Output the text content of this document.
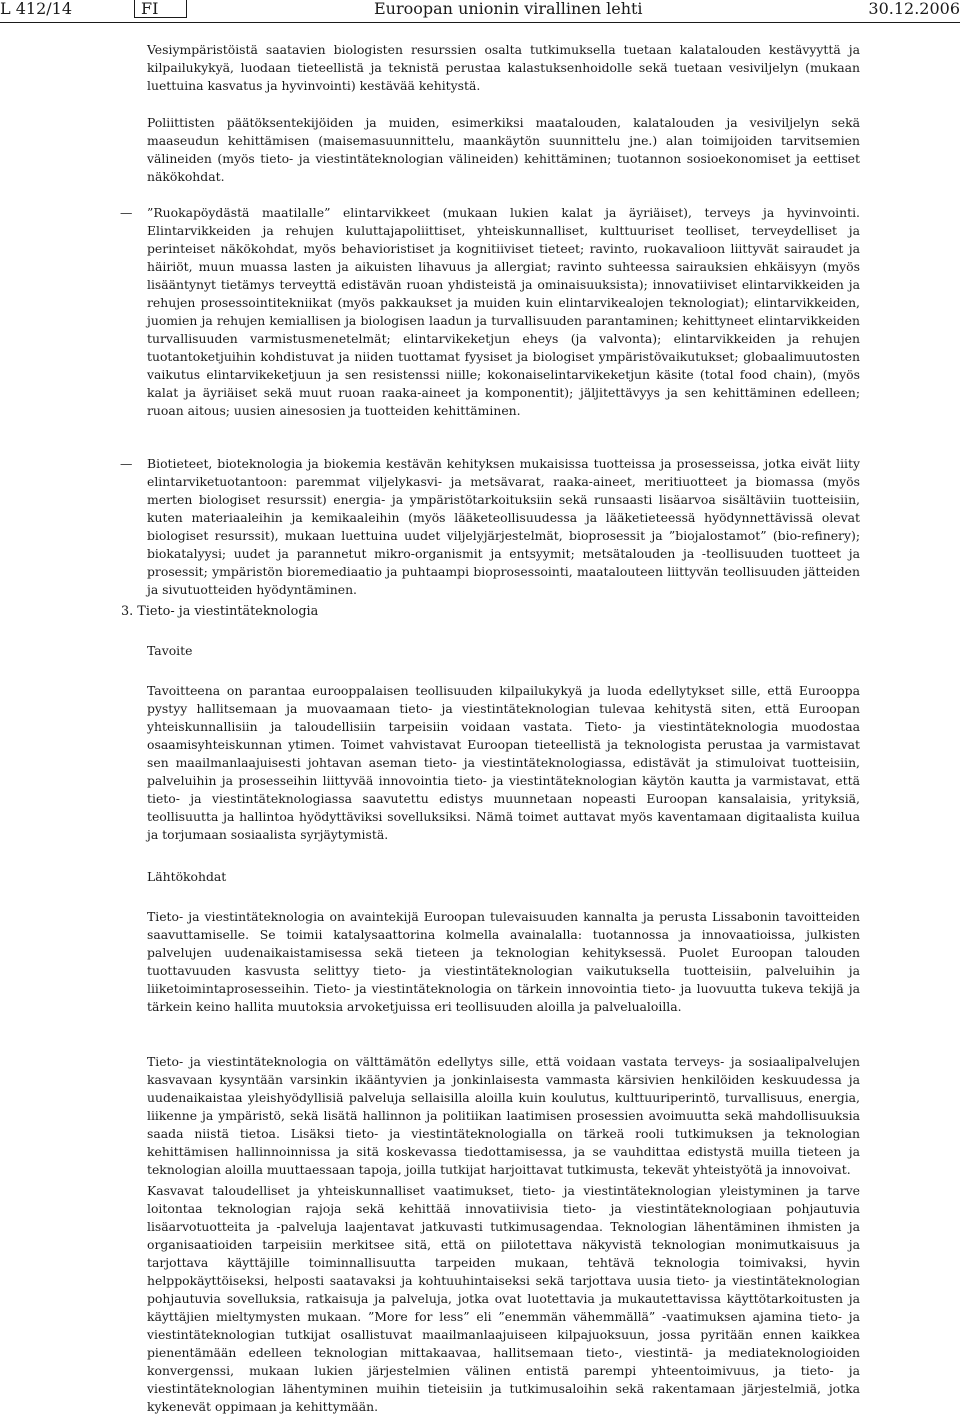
L 412/14	FI	Euroopan unionin virallinen lehti	30.12.2006

Vesiympäristöistä saatavien biologisten resurssien osalta tutkimuksella tuetaan kalatalouden kestävyyttä ja kilpailukykyä, luodaan tieteellistä ja teknistä perustaa kalastuksenhoidolle sekä tuetaan vesiviljelyn (mukaan luettuina kasvatus ja hyvinvointi) kestävää kehitystä.

Poliittisten päätöksentekijöiden ja muiden, esimerkiksi maatalouden, kalatalouden ja vesiviljelyn sekä maaseudun kehittämisen (maisemasuunnittelu, maankäytön suunnittelu jne.) alan toimijoiden tarvitsemien välineiden (myös tieto- ja viestintäteknologian välineiden) kehittäminen; tuotannon sosioekonomiset ja eettiset näkökohdat.

— ”Ruokapöydästä maatilalle” elintarvikkeet (mukaan lukien kalat ja äyriäiset), terveys ja hyvinvointi. Elintarvikkeiden ja rehujen kuluttajapoliittiset, yhteiskunnalliset, kulttuuriset teolliset, terveydelliset ja perinteiset näkökohdat, myös behavioristiset ja kognitiiviset tieteet; ravinto, ruokavalioon liittyvät sairaudet ja häiriöt, muun muassa lasten ja aikuisten lihavuus ja allergiat; ravinto suhteessa sairauksien ehkäisyyn (myös lisääntynyt tietämys terveyttä edistävän ruoan yhdisteistä ja ominaisuuksista); innovatiiviset elintarvikkeiden ja rehujen prosessointitekniikat (myös pakkaukset ja muiden kuin elintarvikealojen teknologiat); elintarvikkeiden, juomien ja rehujen kemiallisen ja biologisen laadun ja turvallisuuden parantaminen; kehittyneet elintarvikkeiden turvallisuuden varmistusmenetelmät; elintarvikeketjun eheys (ja valvonta); elintarvikkeiden ja rehujen tuotantoketjuihin kohdistuvat ja niiden tuottamat fyysiset ja biologiset ympäristövaikutukset; globaalimuutosten vaikutus elintarvikeketjuun ja sen resistenssi niille; kokonaiselintarvikeketjun käsite (total food chain), (myös kalat ja äyriäiset sekä muut ruoan raaka-aineet ja komponentit); jäljitettävyys ja sen kehittäminen edelleen; ruoan aitous; uusien ainesosien ja tuotteiden kehittäminen.

— Biotieteet, bioteknologia ja biokemia kestävän kehityksen mukaisissa tuotteissa ja prosesseissa, jotka eivät liity elintarviketuotantoon: paremmat viljelykasvi- ja metsävarat, raaka-aineet, meritiuotteet ja biomassa (myös merten biologiset resurssit) energia- ja ympäristötarkoituksiin sekä runsaasti lisäarvoa sisältäviin tuotteisiin, kuten materiaaleihin ja kemikaaleihin (myös lääketeollisuudessa ja lääketieteessä hyödynnettävissä olevat biologiset resurssit), mukaan luettuina uudet viljelyjärjestelmät, bioprosessit ja ”biojalostamot” (bio-refinery); biokatalyysi; uudet ja parannetut mikro-organismit ja entsyymit; metsätalouden ja -teollisuuden tuotteet ja prosessit; ympäristön bioremediaatio ja puhtaampi bioprosessointi, maatalouteen liittyvän teollisuuden jätteiden ja sivutuotteiden hyödyntäminen.

3. Tieto- ja viestintäteknologia
Tavoite

Tavoitteena on parantaa eurooppalaisen teollisuuden kilpailukykyä ja luoda edellytykset sille, että Eurooppa pystyy hallitsemaan ja muovaamaan tieto- ja viestintäteknologian tulevaa kehitystä siten, että Euroopan yhteiskunnallisiin ja taloudellisiin tarpeisiin voidaan vastata. Tieto- ja viestintäteknologia muodostaa osaamisyhteiskunnan ytimen. Toimet vahvistavat Euroopan tieteellistä ja teknologista perustaa ja varmistavat sen maailmanlaajuisesti johtavan aseman tieto- ja viestintäteknologiassa, edistävät ja stimuloivat tuotteisiin, palveluihin ja prosesseihin liittyvää innovointia tieto- ja viestintäteknologian käytön kautta ja varmistavat, että tieto- ja viestintäteknologiassa saavutettu edistys muunnetaan nopeasti Euroopan kansalaisia, yrityksiä, teollisuutta ja hallintoa hyödyttäviksi sovelluksiksi. Nämä toimet auttavat myös kaventamaan digitaalista kuilua ja torjumaan sosiaalista syrjäytymistä.

Lähtökohdat

Tieto- ja viestintäteknologia on avaintekijä Euroopan tulevaisuuden kannalta ja perusta Lissabonin tavoitteiden saavuttamiselle. Se toimii katalysaattorina kolmella avainalalla: tuotannossa ja innovaatioissa, julkisten palvelujen uudenaikaistamisessa sekä tieteen ja teknologian kehityksessä. Puolet Euroopan talouden tuottavuuden kasvusta selittyy tieto- ja viestintäteknologian vaikutuksella tuotteisiin, palveluihin ja liiketoimintaprosesseihin. Tieto- ja viestintäteknologia on tärkein innovointia tieto- ja luovuutta tukeva tekijä ja tärkein keino hallita muutoksia arvoketjuissa eri teollisuuden aloilla ja palvelualoilla.

Tieto- ja viestintäteknologia on välttämätön edellytys sille, että voidaan vastata terveys- ja sosiaalipalvelujen kasvavaan kysyntään varsinkin ikääntyvien ja jonkinlaisesta vammasta kärsivien henkilöiden keskuudessa ja uudenaikaistaa yleishyödyllisiä palveluja sellaisilla aloilla kuin koulutus, kulttuuriperintö, turvallisuus, energia, liikenne ja ympäristö, sekä lisätä hallinnon ja politiikan laatimisen prosessien avoimuutta sekä mahdollisuuksia saada niistä tietoa. Lisäksi tieto- ja viestintäteknologialla on tärkeä rooli tutkimuksen ja teknologian kehittämisen hallinnoinnissa ja sitä koskevassa tiedottamisessa, ja se vauhdittaa edistystä muilla tieteen ja teknologian aloilla muuttaessaan tapoja, joilla tutkijat harjoittavat tutkimusta, tekevät yhteistyötä ja innovoivat.

Kasvavat taloudelliset ja yhteiskunnalliset vaatimukset, tieto- ja viestintäteknologian yleistyminen ja tarve loitontaa teknologian rajoja sekä kehittää innovatiivisia tieto- ja viestintäteknologiaan pohjautuvia lisäarvotuotteita ja -palveluja laajentavat jatkuvasti tutkimusagendaa. Teknologian lähentäminen ihmisten ja organisaatioiden tarpeisiin merkitsee sitä, että on piilotettava näkyvistä teknologian monimutkaisuus ja tarjottava käyttäjille toiminnallisuutta tarpeiden mukaan, tehtävä teknologia toimivaksi, hyvin helppokäyttöiseksi, helposti saatavaksi ja kohtuuhintaiseksi sekä tarjottava uusia tieto- ja viestintäteknologian pohjautuvia sovelluksia, ratkaisuja ja palveluja, jotka ovat luotettavia ja mukautettavissa käyttötarkoitusten ja käyttäjien mieltymysten mukaan. ”More for less” eli ”enemmän vähemmällä” -vaatimuksen ajamina tieto- ja viestintäteknologian tutkijat osallistuvat maailmanlaajuiseen kilpajuoksuun, jossa pyritään ennen kaikkea pienentämään edelleen teknologian mittakaavaa, hallitsemaan tieto-, viestintä- ja mediateknologioiden konvergenssi, mukaan lukien järjestelmien välinen entistä parempi yhteentoimivuus, ja tieto- ja viestintäteknologian lähentyminen muihin tieteisiin ja tutkimusaloihin sekä rakentamaan järjestelmiä, jotka kykenevät oppimaan ja kehittymään.
